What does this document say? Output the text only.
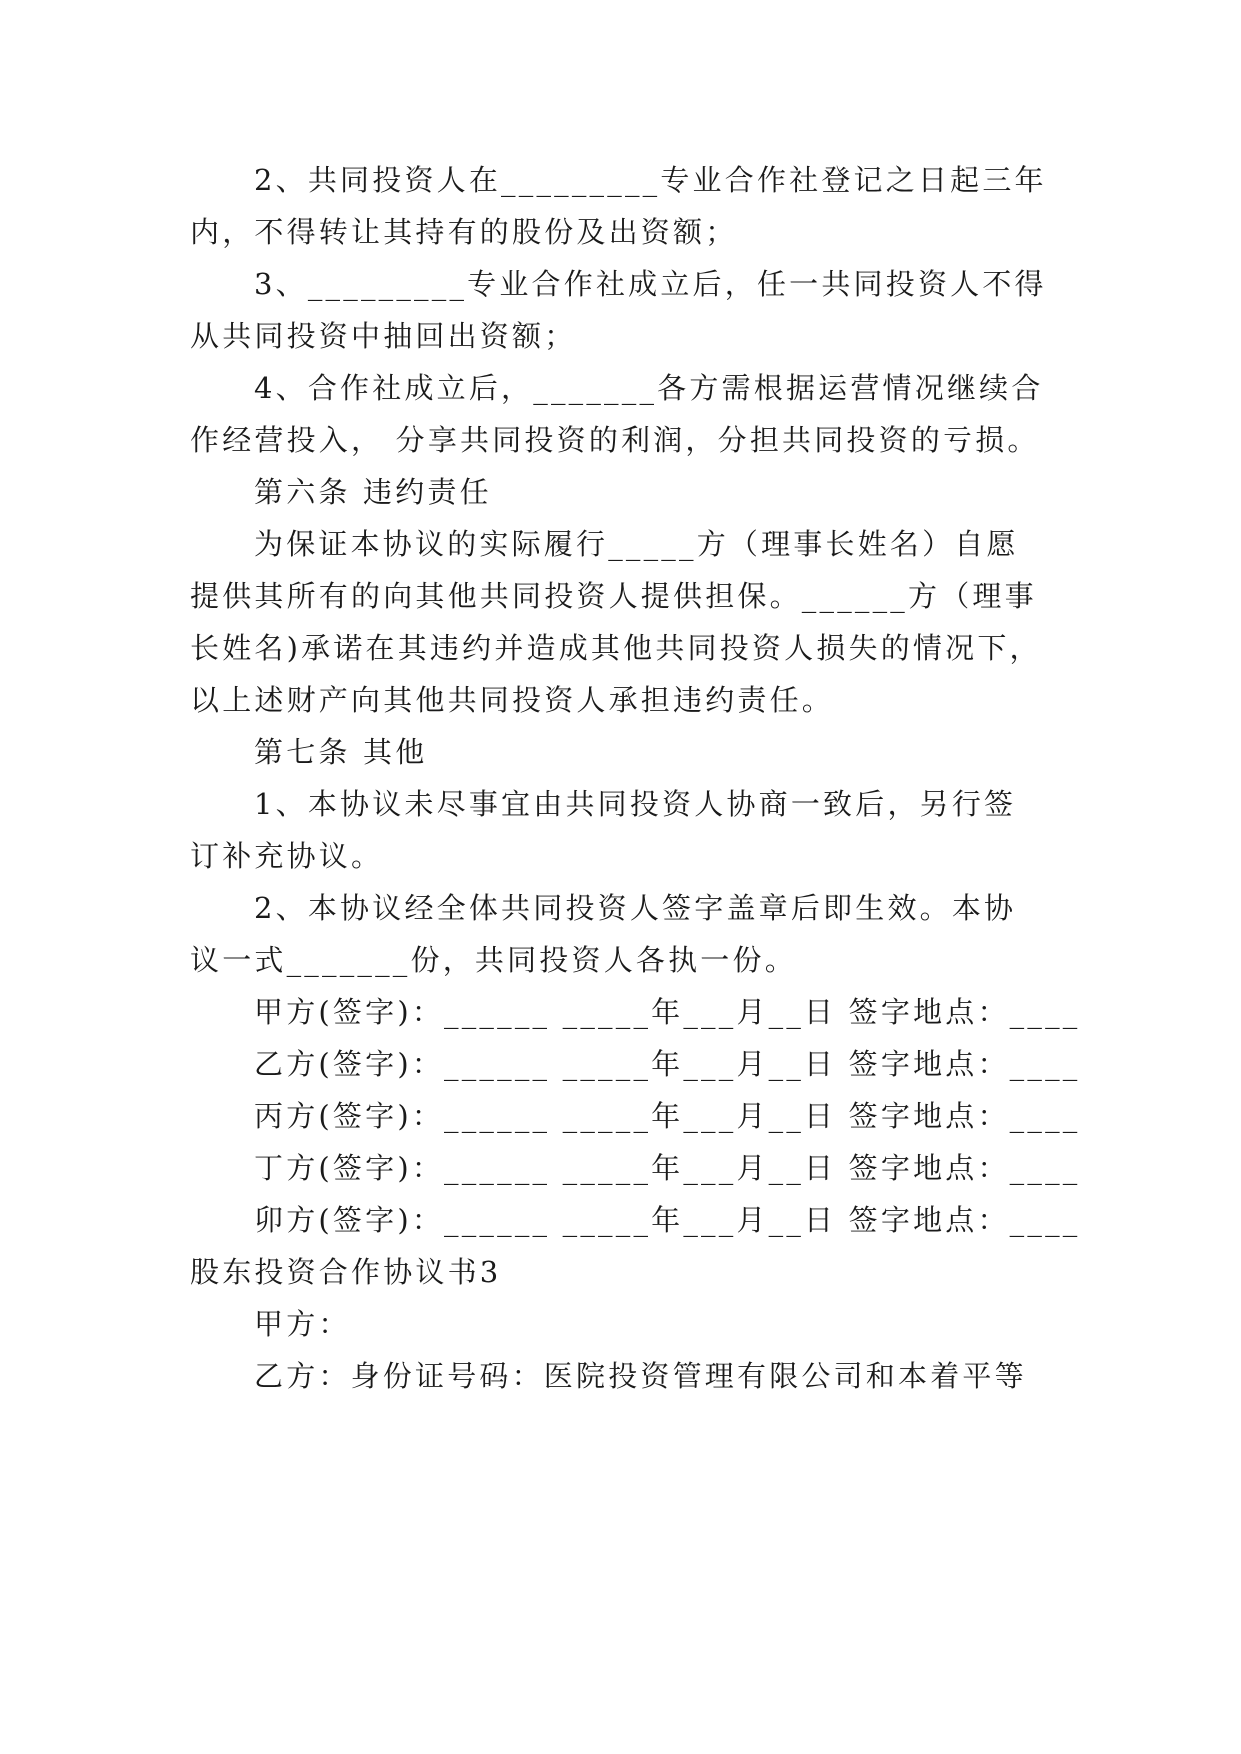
2、共同投资人在_________专业合作社登记之日起三年
内，不得转让其持有的股份及出资额；
3、_________专业合作社成立后，任一共同投资人不得
从共同投资中抽回出资额；
4、合作社成立后，_______各方需根据运营情况继续合
作经营投入， 分享共同投资的利润，分担共同投资的亏损。
第六条 违约责任
为保证本协议的实际履行_____方（理事长姓名）自愿
提供其所有的向其他共同投资人提供担保。______方（理事
长姓名)承诺在其违约并造成其他共同投资人损失的情况下，
以上述财产向其他共同投资人承担违约责任。
第七条 其他
1、本协议未尽事宜由共同投资人协商一致后，另行签
订补充协议。
2、本协议经全体共同投资人签字盖章后即生效。本协
议一式_______份，共同投资人各执一份。
甲方(签字)：______ _____年___月__日 签字地点：____
乙方(签字)：______ _____年___月__日 签字地点：____
丙方(签字)：______ _____年___月__日 签字地点：____
丁方(签字)：______ _____年___月__日 签字地点：____
卯方(签字)：______ _____年___月__日 签字地点：____
股东投资合作协议书3
甲方：
乙方：身份证号码：医院投资管理有限公司和本着平等
